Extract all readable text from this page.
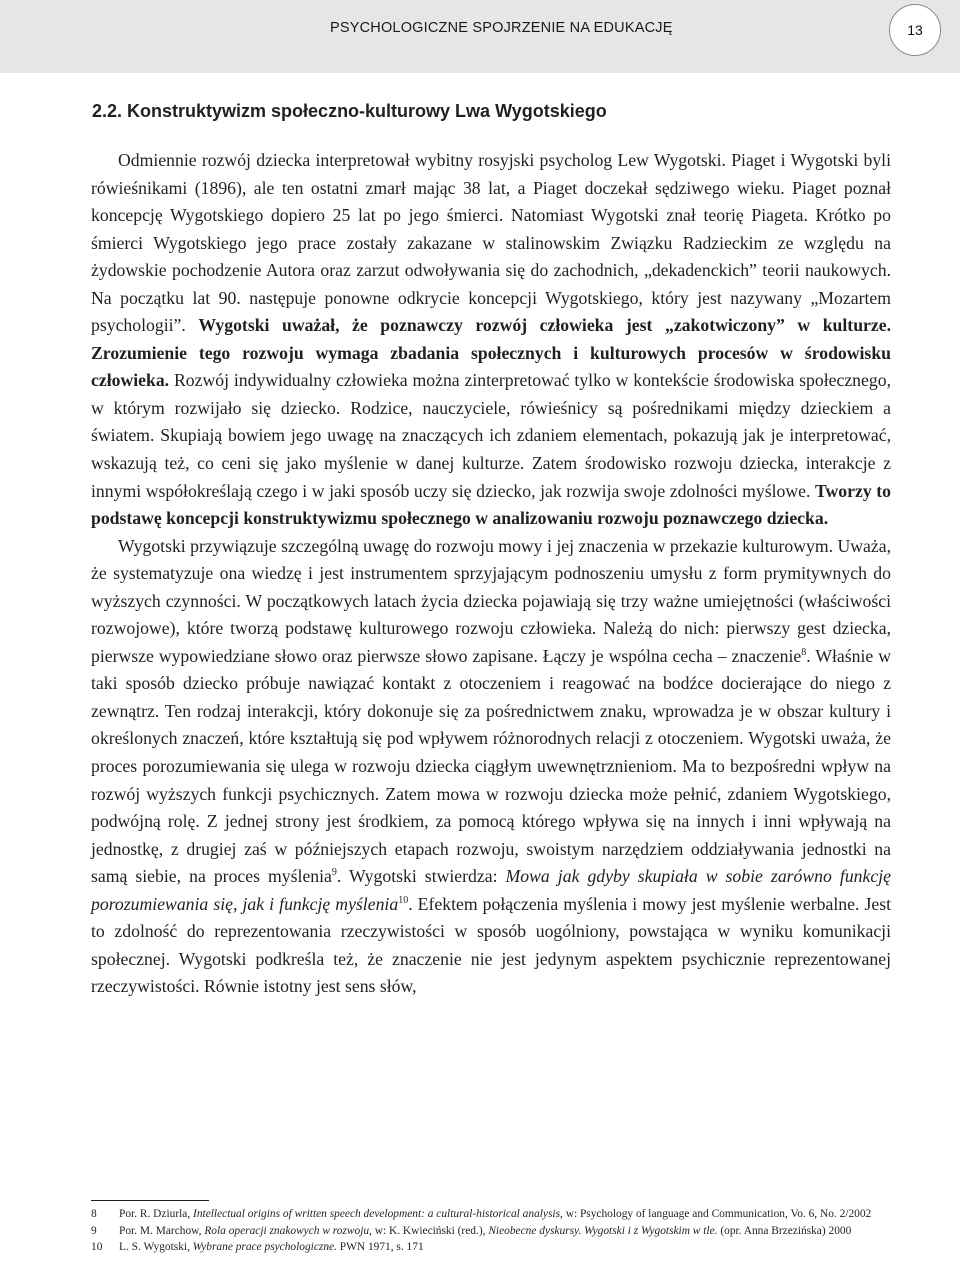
PSYCHOLOGICZNE SPOJRZENIE NA EDUKACJĘ	13
2.2. Konstruktywizm społeczno-kulturowy Lwa Wygotskiego

Odmiennie rozwój dziecka interpretował wybitny rosyjski psycholog Lew Wygotski. Piaget i Wygotski byli rówieśnikami (1896), ale ten ostatni zmarł mając 38 lat, a Piaget doczekał sędziwego wieku. Piaget poznał koncepcję Wygotskiego dopiero 25 lat po jego śmierci. Natomiast Wygotski znał teorię Piageta. Krótko po śmierci Wygotskiego jego prace zostały zakazane w stalinowskim Związku Radzieckim ze względu na żydowskie pochodzenie Autora oraz zarzut odwoływania się do zachodnich, „dekadenckich” teorii naukowych. Na początku lat 90. następuje ponowne odkrycie koncepcji Wygotskiego, który jest nazywany „Mozartem psychologii”. Wygotski uważał, że poznawczy rozwój człowieka jest „zakotwiczony” w kulturze. Zrozumienie tego rozwoju wymaga zbadania społecznych i kulturowych procesów w środowisku człowieka. Rozwój indywidualny człowieka można zinterpretować tylko w kontekście środowiska społecznego, w którym rozwijało się dziecko. Rodzice, nauczyciele, rówieśnicy są pośrednikami między dzieckiem a światem. Skupiają bowiem jego uwagę na znaczących ich zdaniem elementach, pokazują jak je interpretować, wskazują też, co ceni się jako myślenie w danej kulturze. Zatem środowisko rozwoju dziecka, interakcje z innymi współokreślają czego i w jaki sposób uczy się dziecko, jak rozwija swoje zdolności myślowe. Tworzy to podstawę koncepcji konstruktywizmu społecznego w analizowaniu rozwoju poznawczego dziecka.

Wygotski przywiązuje szczególną uwagę do rozwoju mowy i jej znaczenia w przekazie kulturowym. Uważa, że systematyzuje ona wiedzę i jest instrumentem sprzyjającym podnoszeniu umysłu z form prymitywnych do wyższych czynności. W początkowych latach życia dziecka pojawiają się trzy ważne umiejętności (właściwości rozwojowe), które tworzą podstawę kulturowego rozwoju człowieka. Należą do nich: pierwszy gest dziecka, pierwsze wypowiedziane słowo oraz pierwsze słowo zapisane. Łączy je wspólna cecha – znaczenie$^8$. Właśnie w taki sposób dziecko próbuje nawiązać kontakt z otoczeniem i reagować na bodźce docierające do niego z zewnątrz. Ten rodzaj interakcji, który dokonuje się za pośrednictwem znaku, wprowadza je w obszar kultury i określonych znaczeń, które kształtują się pod wpływem różnorodnych relacji z otoczeniem. Wygotski uważa, że proces porozumiewania się ulega w rozwoju dziecka ciągłym uwewnętrznieniom. Ma to bezpośredni wpływ na rozwój wyższych funkcji psychicznych. Zatem mowa w rozwoju dziecka może pełnić, zdaniem Wygotskiego, podwójną rolę. Z jednej strony jest środkiem, za pomocą którego wpływa się na innych i inni wpływają na jednostkę, z drugiej zaś w późniejszych etapach rozwoju, swoistym narzędziem oddziaływania jednostki na samą siebie, na proces myślenia$^9$. Wygotski stwierdza: Mowa jak gdyby skupiała w sobie zarówno funkcję porozumiewania się, jak i funkcję myślenia$^{10}$. Efektem połączenia myślenia i mowy jest myślenie werbalne. Jest to zdolność do reprezentowania rzeczywistości w sposób uogólniony, powstająca w wyniku komunikacji społecznej. Wygotski podkreśla też, że znaczenie nie jest jedynym aspektem psychicznie reprezentowanej rzeczywistości. Równie istotny jest sens słów,

8 Por. R. Dziurla, Intellectual origins of written speech development: a cultural-historical analysis, w: Psychology of language and Communication, Vo. 6, No. 2/2002
9 Por. M. Marchow, Rola operacji znakowych w rozwoju, w: K. Kwieciński (red.), Nieobecne dyskursy. Wygotski i z Wygotskim w tle. (opr. Anna Brzezińska) 2000
10 L. S. Wygotski, Wybrane prace psychologiczne. PWN 1971, s. 171
